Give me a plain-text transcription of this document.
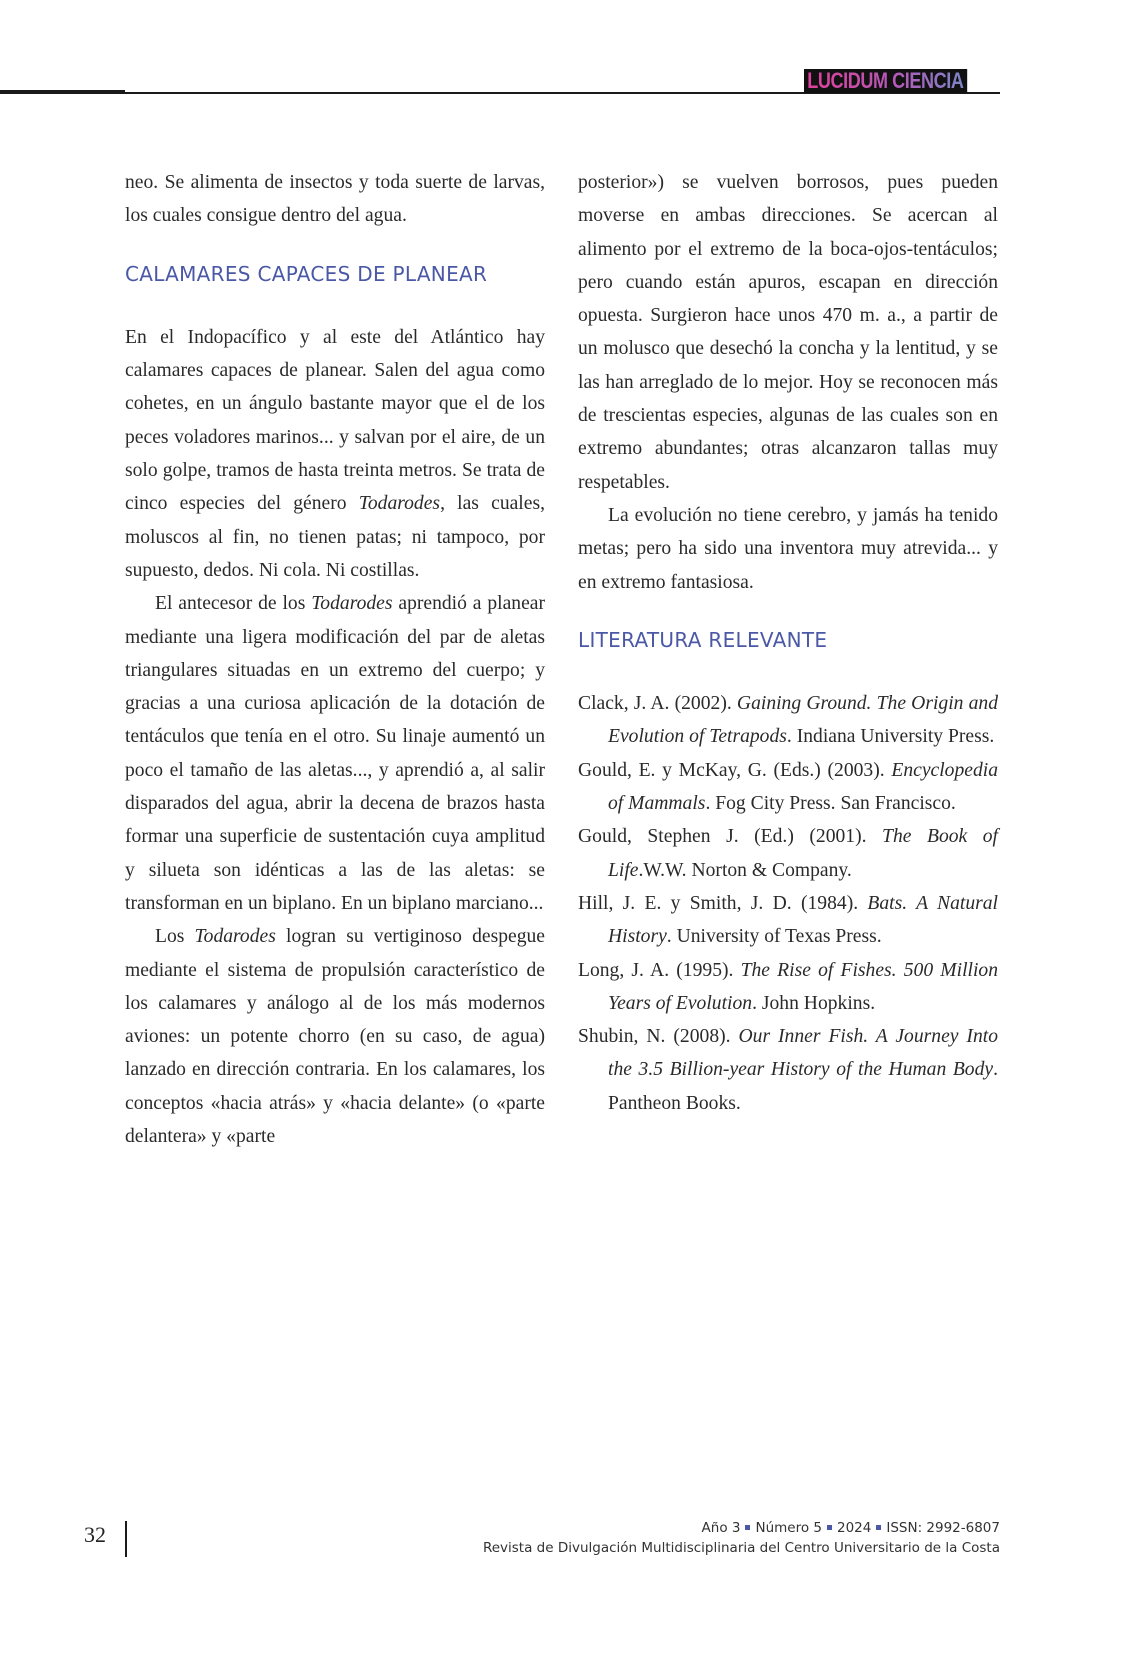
LUCIDUM CIENCIA

neo. Se alimenta de insectos y toda suerte de larvas, los cuales consigue dentro del agua.

CALAMARES CAPACES DE PLANEAR

En el Indopacífico y al este del Atlántico hay calamares capaces de planear. Salen del agua como cohetes, en un ángulo bastante mayor que el de los peces voladores marinos... y salvan por el aire, de un solo golpe, tramos de hasta treinta metros. Se trata de cinco especies del género Todarodes, las cuales, moluscos al fin, no tienen patas; ni tampoco, por supuesto, dedos. Ni cola. Ni costillas.

El antecesor de los Todarodes aprendió a planear mediante una ligera modificación del par de aletas triangulares situadas en un extremo del cuerpo; y gracias a una curiosa aplicación de la dotación de tentáculos que tenía en el otro. Su linaje aumentó un poco el tamaño de las aletas..., y aprendió a, al salir disparados del agua, abrir la decena de brazos hasta formar una superficie de sustentación cuya amplitud y silueta son idénticas a las de las aletas: se transforman en un biplano. En un biplano marciano...

Los Todarodes logran su vertiginoso despegue mediante el sistema de propulsión característico de los calamares y análogo al de los más modernos aviones: un potente chorro (en su caso, de agua) lanzado en dirección contraria. En los calamares, los conceptos «hacia atrás» y «hacia delante» (o «parte delantera» y «parte

posterior») se vuelven borrosos, pues pueden moverse en ambas direcciones. Se acercan al alimento por el extremo de la boca-ojos-tentáculos; pero cuando están apuros, escapan en dirección opuesta. Surgieron hace unos 470 m. a., a partir de un molusco que desechó la concha y la lentitud, y se las han arreglado de lo mejor. Hoy se reconocen más de trescientas especies, algunas de las cuales son en extremo abundantes; otras alcanzaron tallas muy respetables.

La evolución no tiene cerebro, y jamás ha tenido metas; pero ha sido una inventora muy atrevida... y en extremo fantasiosa.

LITERATURA RELEVANTE

Clack, J. A. (2002). Gaining Ground. The Origin and Evolution of Tetrapods. Indiana University Press.

Gould, E. y McKay, G. (Eds.) (2003). Encyclopedia of Mammals. Fog City Press. San Francisco.

Gould, Stephen J. (Ed.) (2001). The Book of Life.W.W. Norton & Company.

Hill, J. E. y Smith, J. D. (1984). Bats. A Natural History. University of Texas Press.

Long, J. A. (1995). The Rise of Fishes. 500 Million Years of Evolution. John Hopkins.

Shubin, N. (2008). Our Inner Fish. A Journey Into the 3.5 Billion-year History of the Human Body. Pantheon Books.

32	Año 3 Número 5 2024 ISSN: 2992-6807
Revista de Divulgación Multidisciplinaria del Centro Universitario de la Costa
